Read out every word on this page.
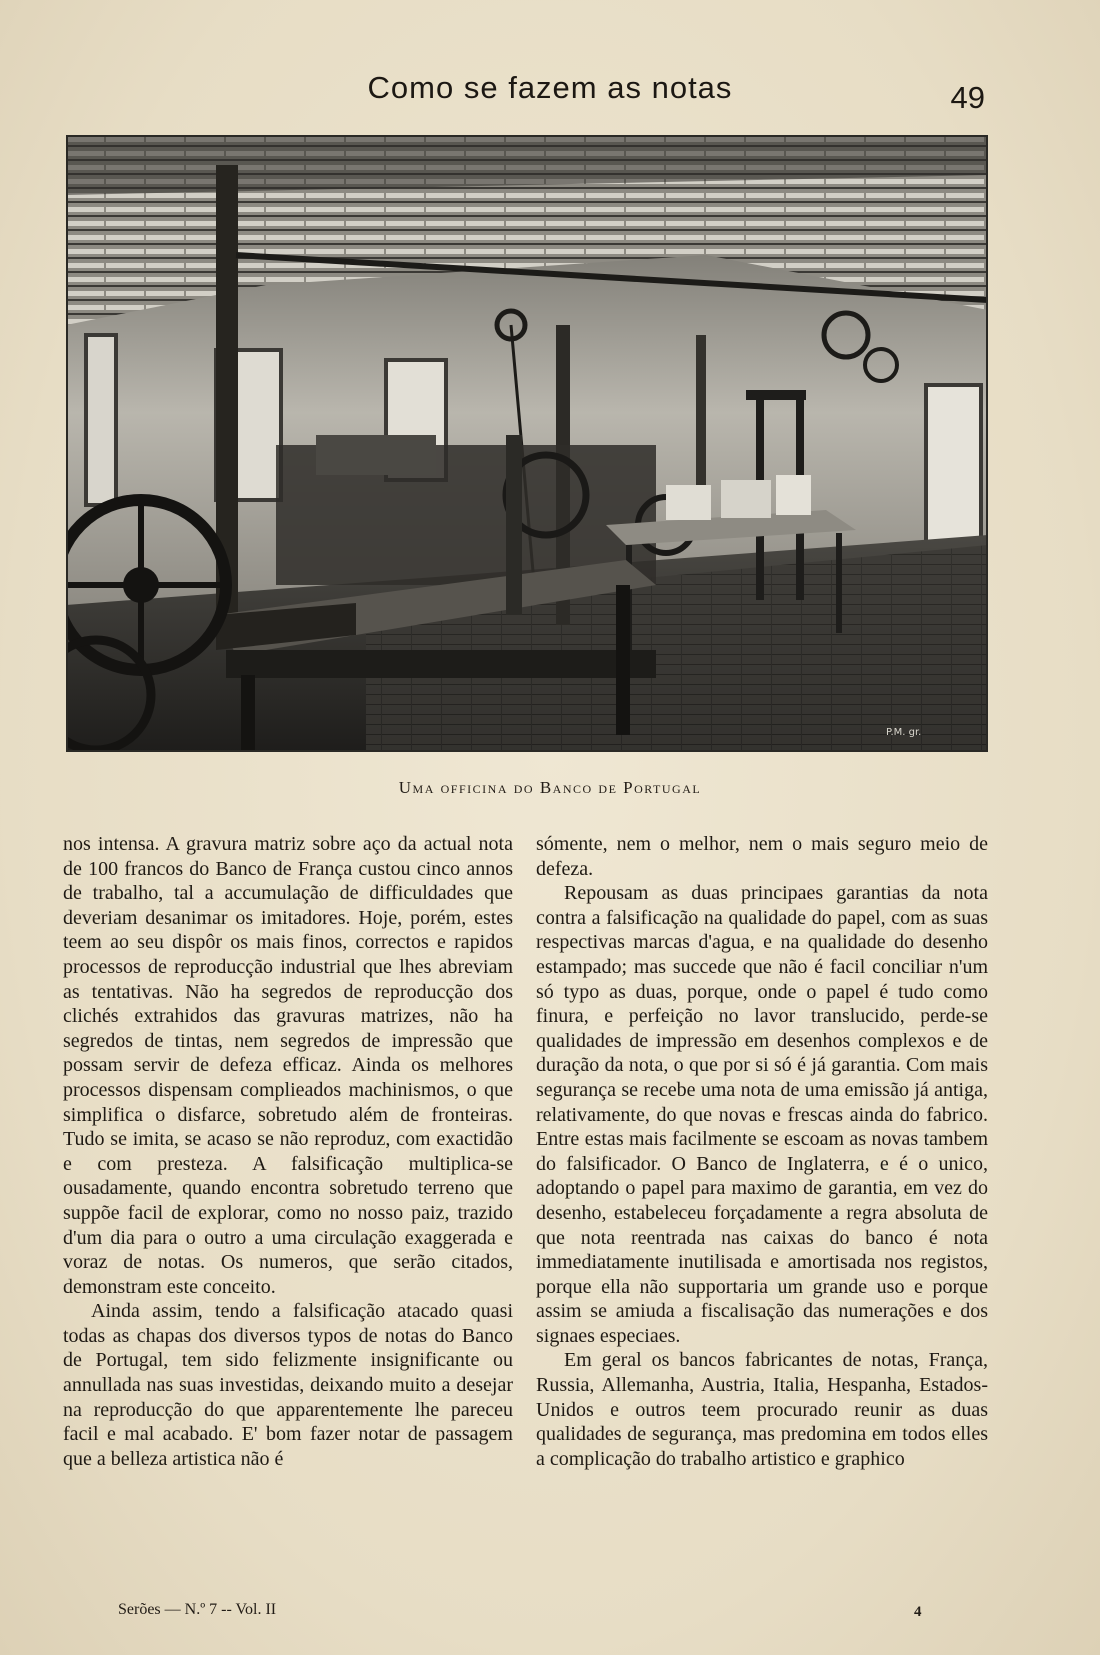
Como se fazem as notas	49
P.M. gr.
Uma officina do Banco de Portugal

nos intensa. A gravura matriz sobre aço da actual nota de 100 francos do Banco de França custou cinco annos de trabalho, tal a accumulação de difficuldades que deveriam desanimar os imitadores. Hoje, porém, estes teem ao seu dispôr os mais finos, correctos e rapidos processos de reproducção industrial que lhes abreviam as tentativas. Não ha segredos de reproducção dos clichés extrahidos das gravuras matrizes, não ha segredos de tintas, nem segredos de impressão que possam servir de defeza efficaz. Ainda os melhores processos dispensam complieados machinismos, o que simplifica o disfarce, sobretudo além de fronteiras. Tudo se imita, se acaso se não reproduz, com exactidão e com presteza. A falsificação multiplica-se ousadamente, quando encontra sobretudo terreno que suppõe facil de explorar, como no nosso paiz, trazido d'um dia para o outro a uma circulação exaggerada e voraz de notas. Os numeros, que serão citados, demonstram este conceito.

Ainda assim, tendo a falsificação atacado quasi todas as chapas dos diversos typos de notas do Banco de Portugal, tem sido felizmente insignificante ou annullada nas suas investidas, deixando muito a desejar na reproducção do que apparentemente lhe pareceu facil e mal acabado. E' bom fazer notar de passagem que a belleza artistica não é

sómente, nem o melhor, nem o mais seguro meio de defeza.

Repousam as duas principaes garantias da nota contra a falsificação na qualidade do papel, com as suas respectivas marcas d'agua, e na qualidade do desenho estampado; mas succede que não é facil conciliar n'um só typo as duas, porque, onde o papel é tudo como finura, e perfeição no lavor translucido, perde-se qualidades de impressão em desenhos complexos e de duração da nota, o que por si só é já garantia. Com mais segurança se recebe uma nota de uma emissão já antiga, relativamente, do que novas e frescas ainda do fabrico. Entre estas mais facilmente se escoam as novas tambem do falsificador. O Banco de Inglaterra, e é o unico, adoptando o papel para maximo de garantia, em vez do desenho, estabeleceu forçadamente a regra absoluta de que nota reentrada nas caixas do banco é nota immediatamente inutilisada e amortisada nos registos, porque ella não supportaria um grande uso e porque assim se amiuda a fiscalisação das numerações e dos signaes especiaes.

Em geral os bancos fabricantes de notas, França, Russia, Allemanha, Austria, Italia, Hespanha, Estados-Unidos e outros teem procurado reunir as duas qualidades de segurança, mas predomina em todos elles a complicação do trabalho artistico e graphico

Serões — N.º 7 -- Vol. II	4
